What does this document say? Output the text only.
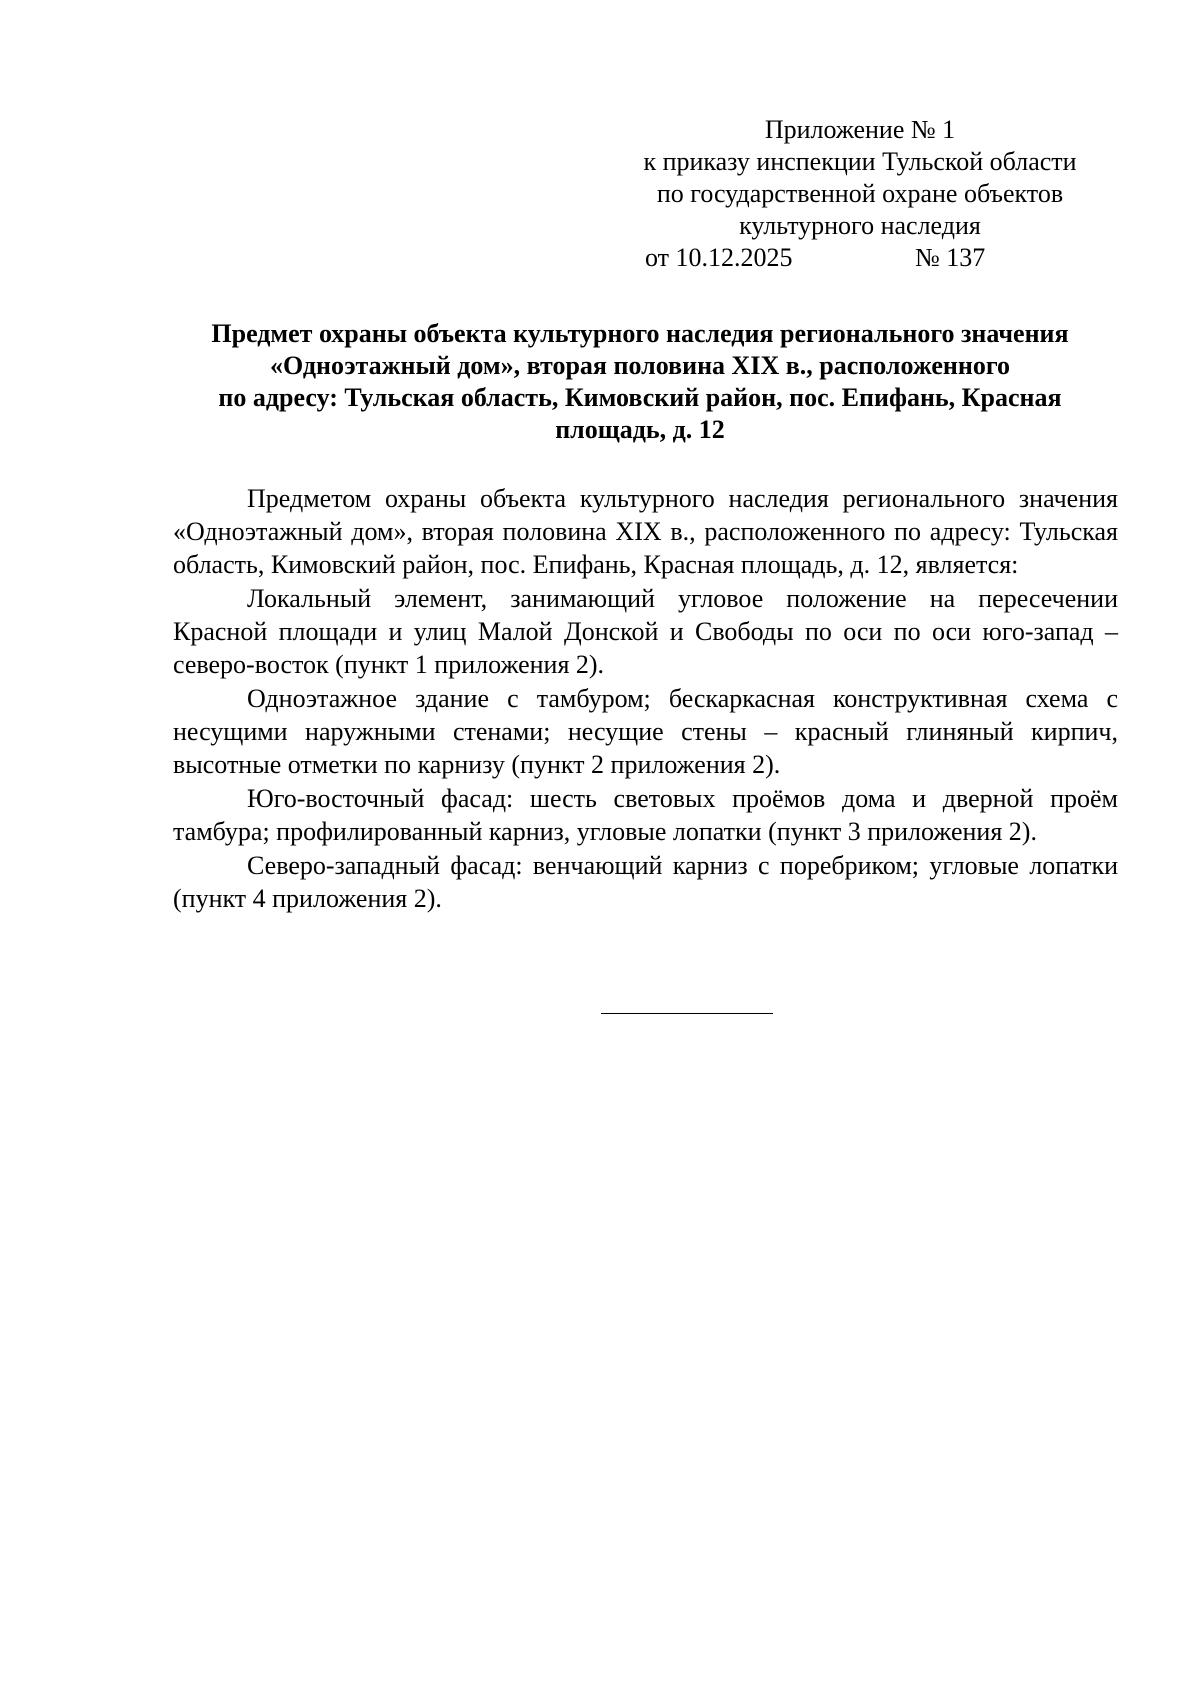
Приложение № 1
к приказу инспекции Тульской области
по государственной охране объектов
культурного наследия
от 10.12.2025	№ 137
Предмет охраны объекта культурного наследия регионального значения
«Одноэтажный дом», вторая половина XIX в., расположенного
по адресу: Тульская область, Кимовский район, пос. Епифань, Красная
площадь, д. 12

Предметом охраны объекта культурного наследия регионального значения «Одноэтажный дом», вторая половина XIX в., расположенного по адресу: Тульская область, Кимовский район, пос. Епифань, Красная площадь, д. 12, является:

Локальный элемент, занимающий угловое положение на пересечении Красной площади и улиц Малой Донской и Свободы по оси по оси юго-запад – северо-восток (пункт 1 приложения 2).

Одноэтажное здание с тамбуром; бескаркасная конструктивная схема с несущими наружными стенами; несущие стены – красный глиняный кирпич, высотные отметки по карнизу (пункт 2 приложения 2).

Юго-восточный фасад: шесть световых проёмов дома и дверной проём тамбура; профилированный карниз, угловые лопатки (пункт 3 приложения 2).

Северо-западный фасад: венчающий карниз с поребриком; угловые лопатки (пункт 4 приложения 2).
